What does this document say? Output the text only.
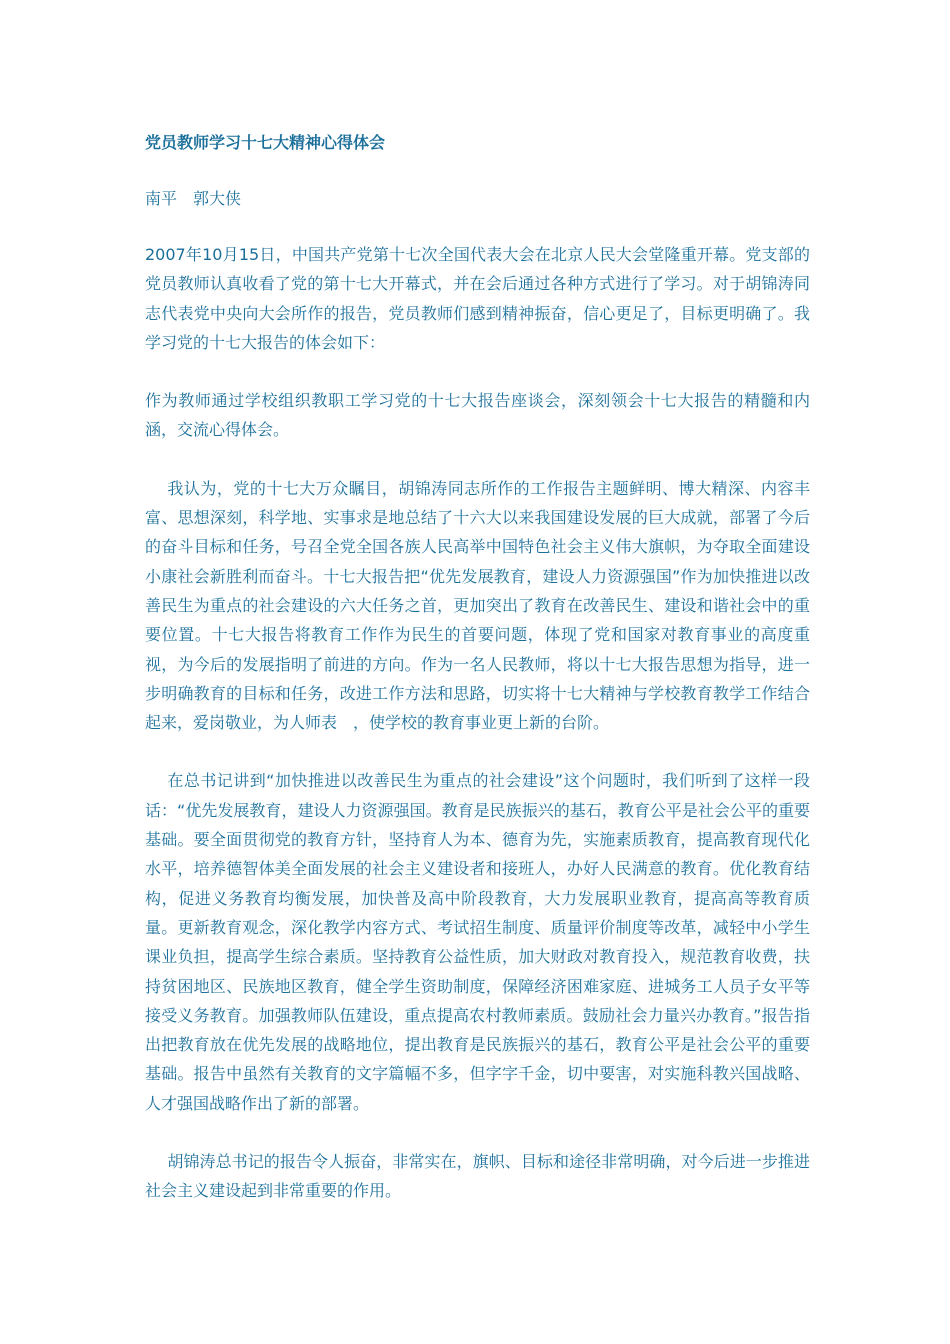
党员教师学习十七大精神心得体会
南平　郭大侠

2007年10月15日，中国共产党第十七次全国代表大会在北京人民大会堂隆重开幕。党支部的党员教师认真收看了党的第十七大开幕式，并在会后通过各种方式进行了学习。对于胡锦涛同志代表党中央向大会所作的报告，党员教师们感到精神振奋，信心更足了，目标更明确了。我学习党的十七大报告的体会如下：

作为教师通过学校组织教职工学习党的十七大报告座谈会，深刻领会十七大报告的精髓和内涵，交流心得体会。

我认为，党的十七大万众瞩目，胡锦涛同志所作的工作报告主题鲜明、博大精深、内容丰富、思想深刻，科学地、实事求是地总结了十六大以来我国建设发展的巨大成就，部署了今后的奋斗目标和任务，号召全党全国各族人民高举中国特色社会主义伟大旗帜，为夺取全面建设小康社会新胜利而奋斗。十七大报告把“优先发展教育，建设人力资源强国”作为加快推进以改善民生为重点的社会建设的六大任务之首，更加突出了教育在改善民生、建设和谐社会中的重要位置。十七大报告将教育工作作为民生的首要问题，体现了党和国家对教育事业的高度重视，为今后的发展指明了前进的方向。作为一名人民教师，将以十七大报告思想为指导，进一步明确教育的目标和任务，改进工作方法和思路，切实将十七大精神与学校教育教学工作结合起来，爱岗敬业，为人师表　，使学校的教育事业更上新的台阶。

在总书记讲到“加快推进以改善民生为重点的社会建设”这个问题时，我们听到了这样一段话：“优先发展教育，建设人力资源强国。教育是民族振兴的基石，教育公平是社会公平的重要基础。要全面贯彻党的教育方针，坚持育人为本、德育为先，实施素质教育，提高教育现代化水平，培养德智体美全面发展的社会主义建设者和接班人，办好人民满意的教育。优化教育结构，促进义务教育均衡发展，加快普及高中阶段教育，大力发展职业教育，提高高等教育质量。更新教育观念，深化教学内容方式、考试招生制度、质量评价制度等改革，减轻中小学生课业负担，提高学生综合素质。坚持教育公益性质，加大财政对教育投入，规范教育收费，扶持贫困地区、民族地区教育，健全学生资助制度，保障经济困难家庭、进城务工人员子女平等接受义务教育。加强教师队伍建设，重点提高农村教师素质。鼓励社会力量兴办教育。”报告指出把教育放在优先发展的战略地位，提出教育是民族振兴的基石，教育公平是社会公平的重要基础。报告中虽然有关教育的文字篇幅不多，但字字千金，切中要害，对实施科教兴国战略、人才强国战略作出了新的部署。

胡锦涛总书记的报告令人振奋，非常实在，旗帜、目标和途径非常明确，对今后进一步推进社会主义建设起到非常重要的作用。
